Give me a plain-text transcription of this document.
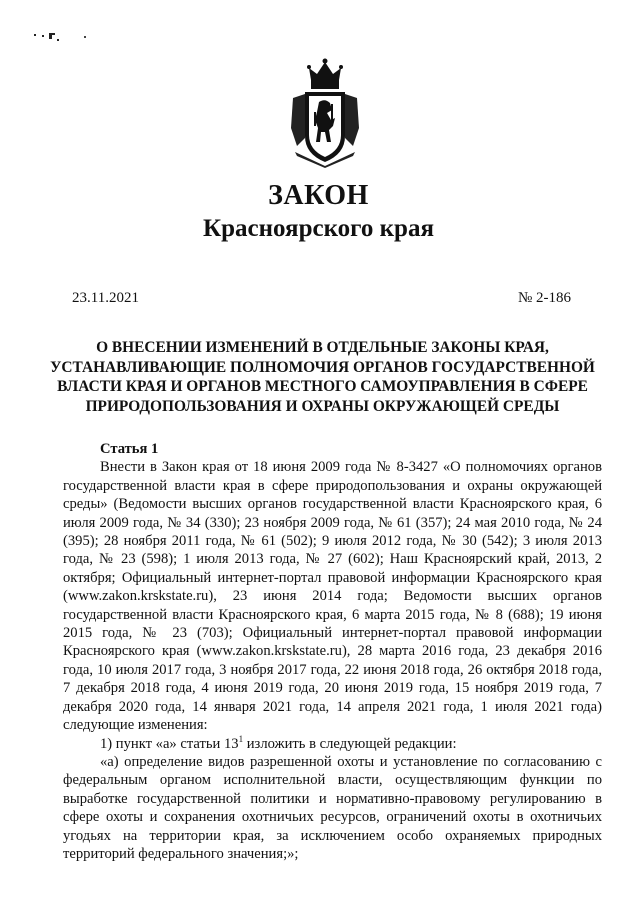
ЗАКОН
Красноярского края
23.11.2021	№ 2-186
О ВНЕСЕНИИ ИЗМЕНЕНИЙ В ОТДЕЛЬНЫЕ ЗАКОНЫ КРАЯ,
УСТАНАВЛИВАЮЩИЕ ПОЛНОМОЧИЯ ОРГАНОВ ГОСУДАРСТВЕННОЙ
ВЛАСТИ КРАЯ И ОРГАНОВ МЕСТНОГО САМОУПРАВЛЕНИЯ В СФЕРЕ
ПРИРОДОПОЛЬЗОВАНИЯ И ОХРАНЫ ОКРУЖАЮЩЕЙ СРЕДЫ
Статья 1

Внести в Закон края от 18 июня 2009 года № 8-3427 «О полномочиях органов государственной власти края в сфере природопользования и охраны окружающей среды» (Ведомости высших органов государственной власти Красноярского края, 6 июля 2009 года, № 34 (330); 23 ноября 2009 года, № 61 (357); 24 мая 2010 года, № 24 (395); 28 ноября 2011 года, № 61 (502); 9 июля 2012 года, № 30 (542); 3 июля 2013 года, № 23 (598); 1 июля 2013 года, № 27 (602); Наш Красноярский край, 2013, 2 октября; Официальный интернет-портал правовой информации Красноярского края (www.zakon.krskstate.ru), 23 июня 2014 года; Ведомости высших органов государственной власти Красноярского края, 6 марта 2015 года, № 8 (688); 19 июня 2015 года, № 23 (703); Официальный интернет-портал правовой информации Красноярского края (www.zakon.krskstate.ru), 28 марта 2016 года, 23 декабря 2016 года, 10 июля 2017 года, 3 ноября 2017 года, 22 июня 2018 года, 26 октября 2018 года, 7 декабря 2018 года, 4 июня 2019 года, 20 июня 2019 года, 15 ноября 2019 года, 7 декабря 2020 года, 14 января 2021 года, 14 апреля 2021 года, 1 июля 2021 года) следующие изменения:

1) пункт «а» статьи $13^1$ изложить в следующей редакции:

«а) определение видов разрешенной охоты и установление по согласованию с федеральным органом исполнительной власти, осуществляющим функции по выработке государственной политики и нормативно-правовому регулированию в сфере охоты и сохранения охотничьих ресурсов, ограничений охоты в охотничьих угодьях на территории края, за исключением особо охраняемых природных территорий федерального значения;»;
